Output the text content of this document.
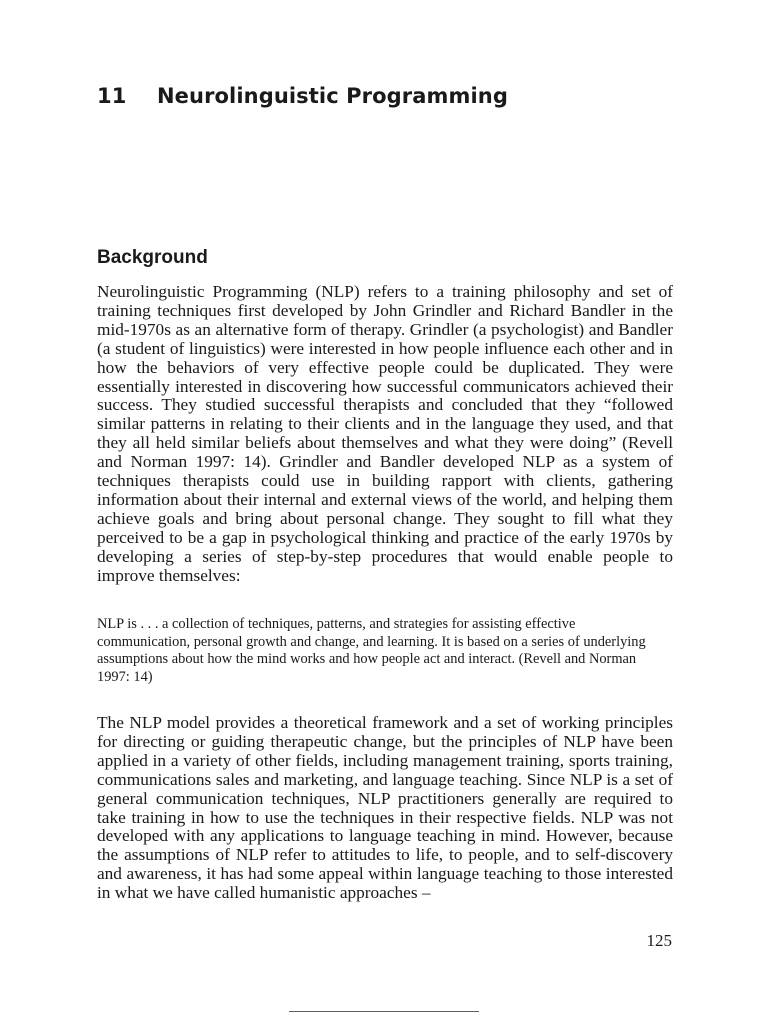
11 Neurolinguistic Programming
Background

Neurolinguistic Programming (NLP) refers to a training philosophy and set of training techniques first developed by John Grindler and Richard Bandler in the mid-1970s as an alternative form of therapy. Grindler (a psychologist) and Bandler (a student of linguistics) were interested in how people influence each other and in how the behaviors of very effective people could be duplicated. They were essentially interested in discovering how successful communicators achieved their success. They studied successful therapists and concluded that they “followed similar patterns in relating to their clients and in the language they used, and that they all held similar beliefs about themselves and what they were doing” (Revell and Norman 1997: 14). Grindler and Bandler developed NLP as a system of techniques therapists could use in building rapport with clients, gathering information about their internal and external views of the world, and helping them achieve goals and bring about personal change. They sought to fill what they perceived to be a gap in psychological thinking and practice of the early 1970s by developing a series of step-by-step procedures that would enable people to improve themselves:

NLP is . . . a collection of techniques, patterns, and strategies for assisting effective communication, personal growth and change, and learning. It is based on a series of underlying assumptions about how the mind works and how people act and interact. (Revell and Norman 1997: 14)

The NLP model provides a theoretical framework and a set of working principles for directing or guiding therapeutic change, but the principles of NLP have been applied in a variety of other fields, including management training, sports training, communications sales and marketing, and language teaching. Since NLP is a set of general communication techniques, NLP practitioners generally are required to take training in how to use the techniques in their respective fields. NLP was not developed with any applications to language teaching in mind. However, because the assumptions of NLP refer to attitudes to life, to people, and to self-discovery and awareness, it has had some appeal within language teaching to those interested in what we have called humanistic approaches –

125
